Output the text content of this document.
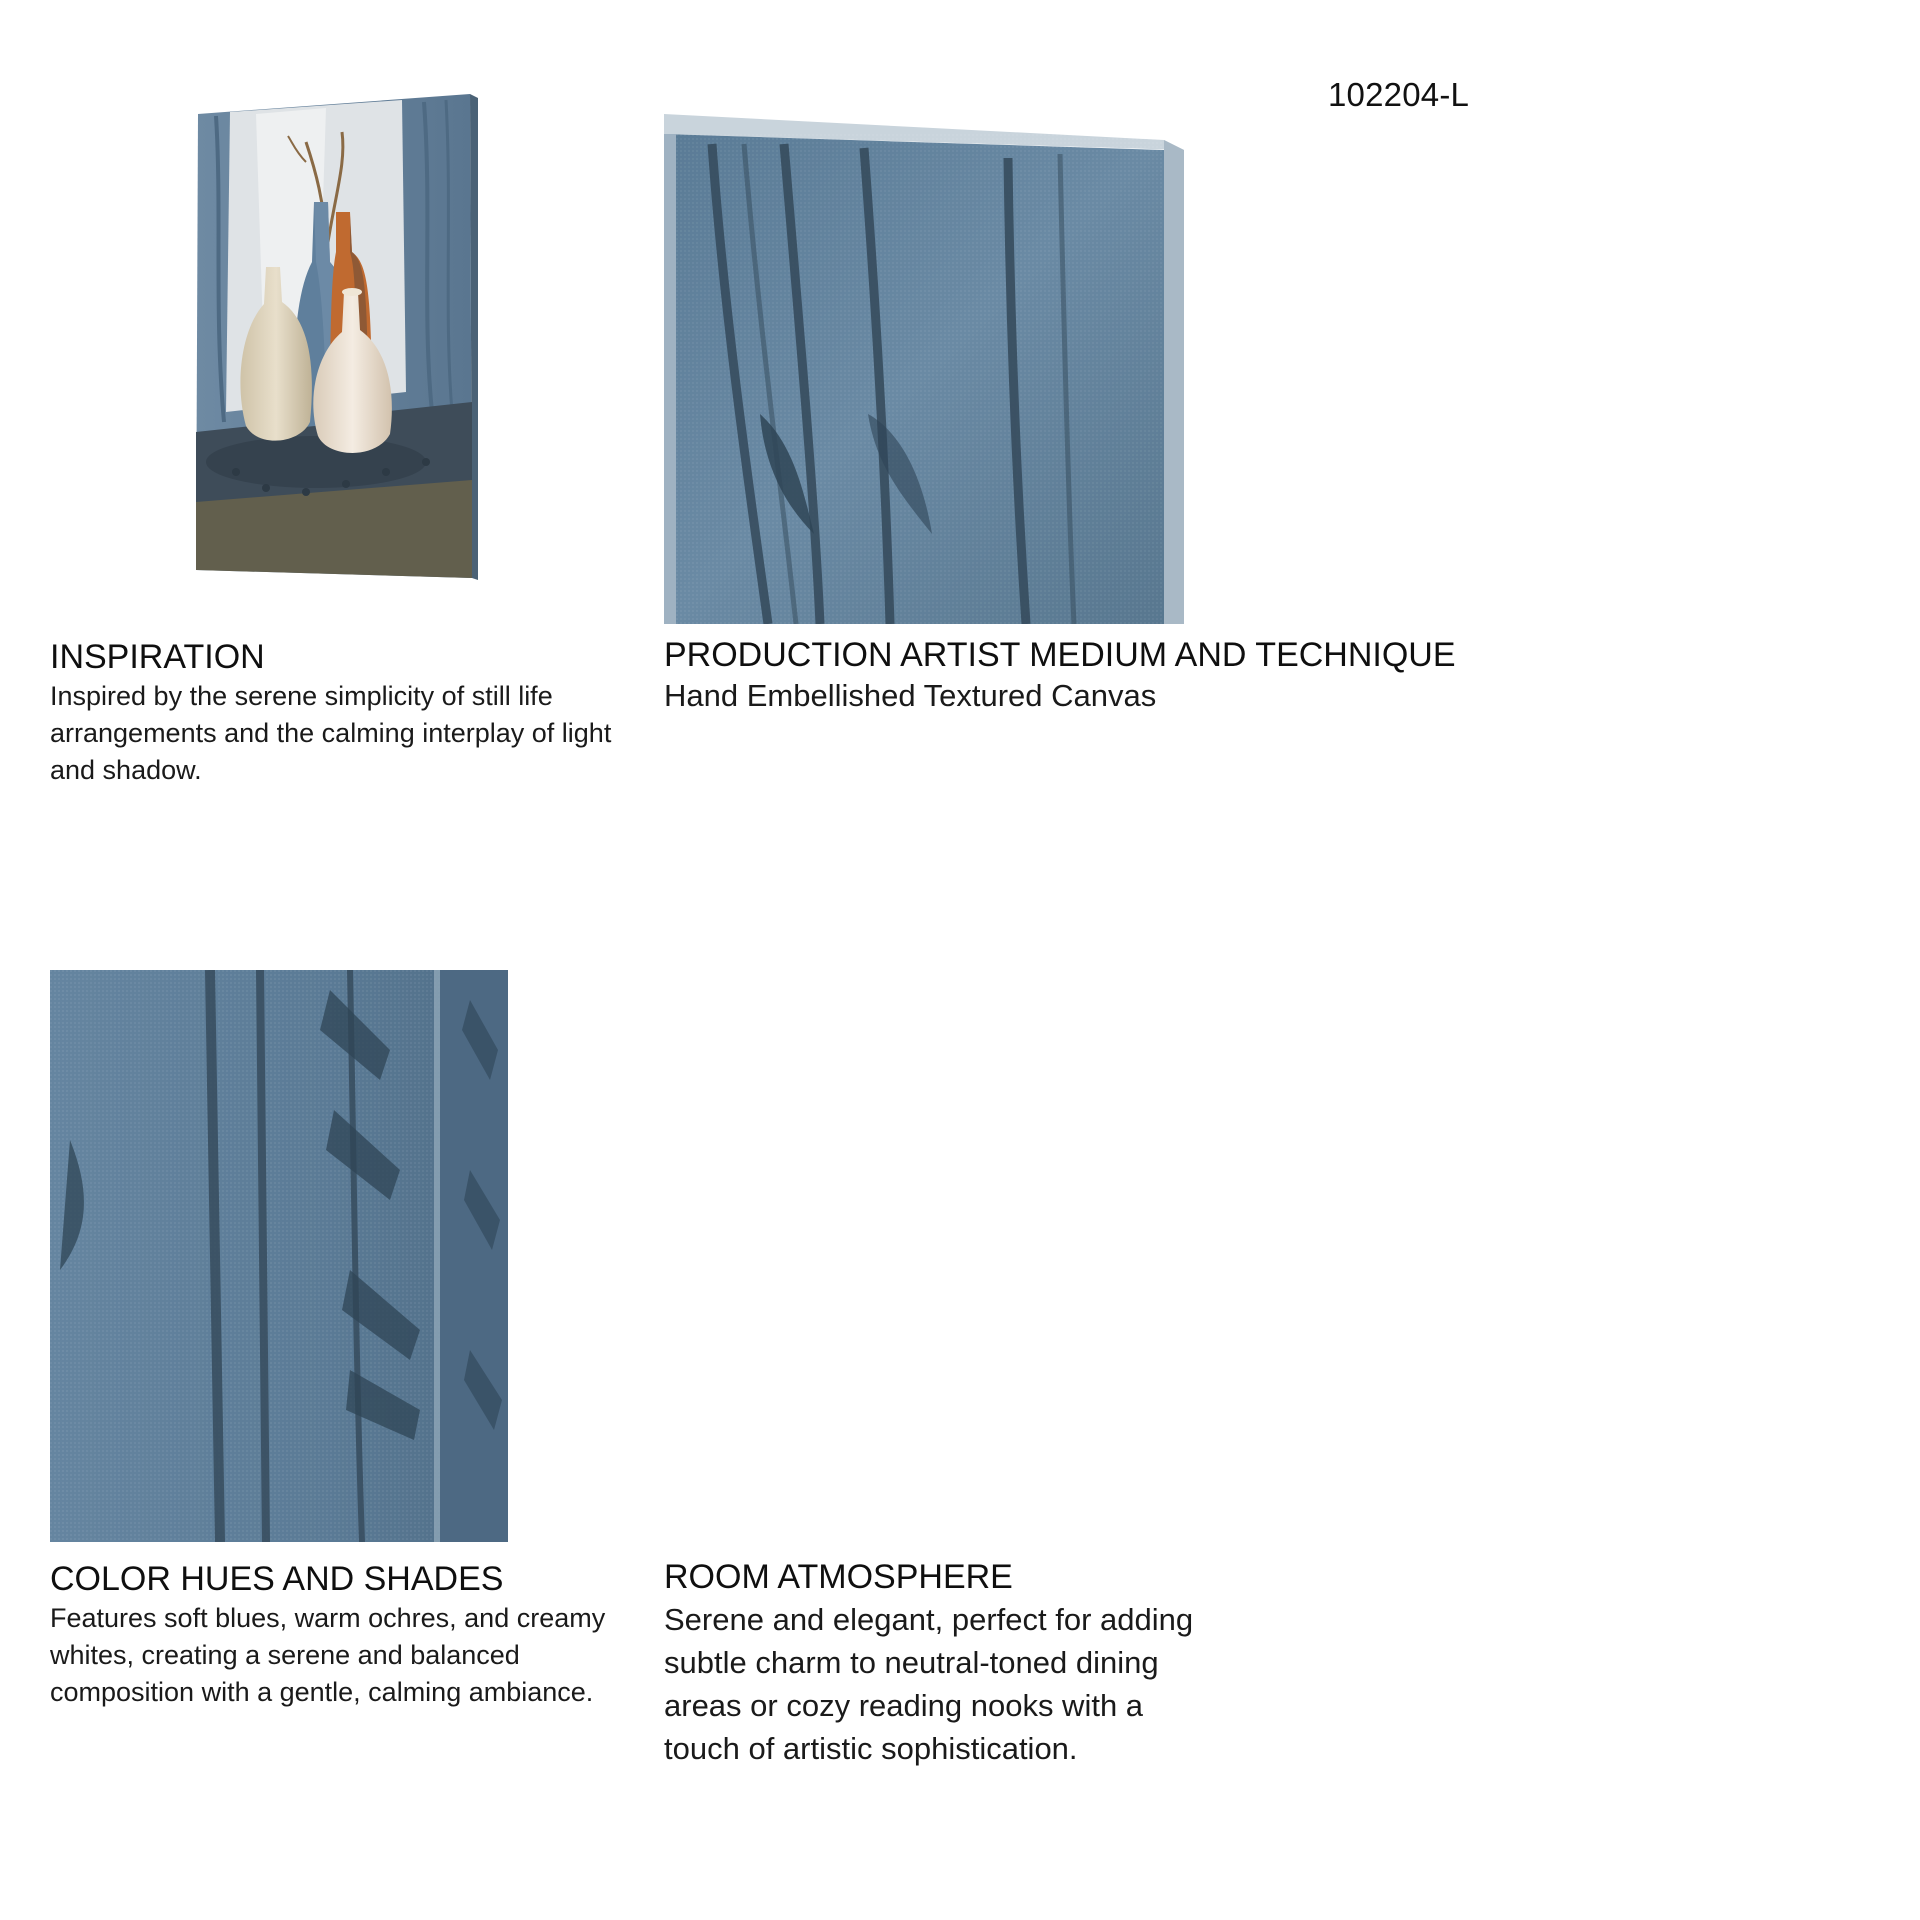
102204-L
INSPIRATION
Inspired by the serene simplicity of still life arrangements and the calming interplay of light and shadow.
PRODUCTION ARTIST MEDIUM AND TECHNIQUE
Hand Embellished Textured Canvas
COLOR HUES AND SHADES
Features soft blues, warm ochres, and creamy whites, creating a serene and balanced composition with a gentle, calming ambiance.
ROOM ATMOSPHERE
Serene and elegant, perfect for adding subtle charm to neutral-toned dining areas or cozy reading nooks with a touch of artistic sophistication.
